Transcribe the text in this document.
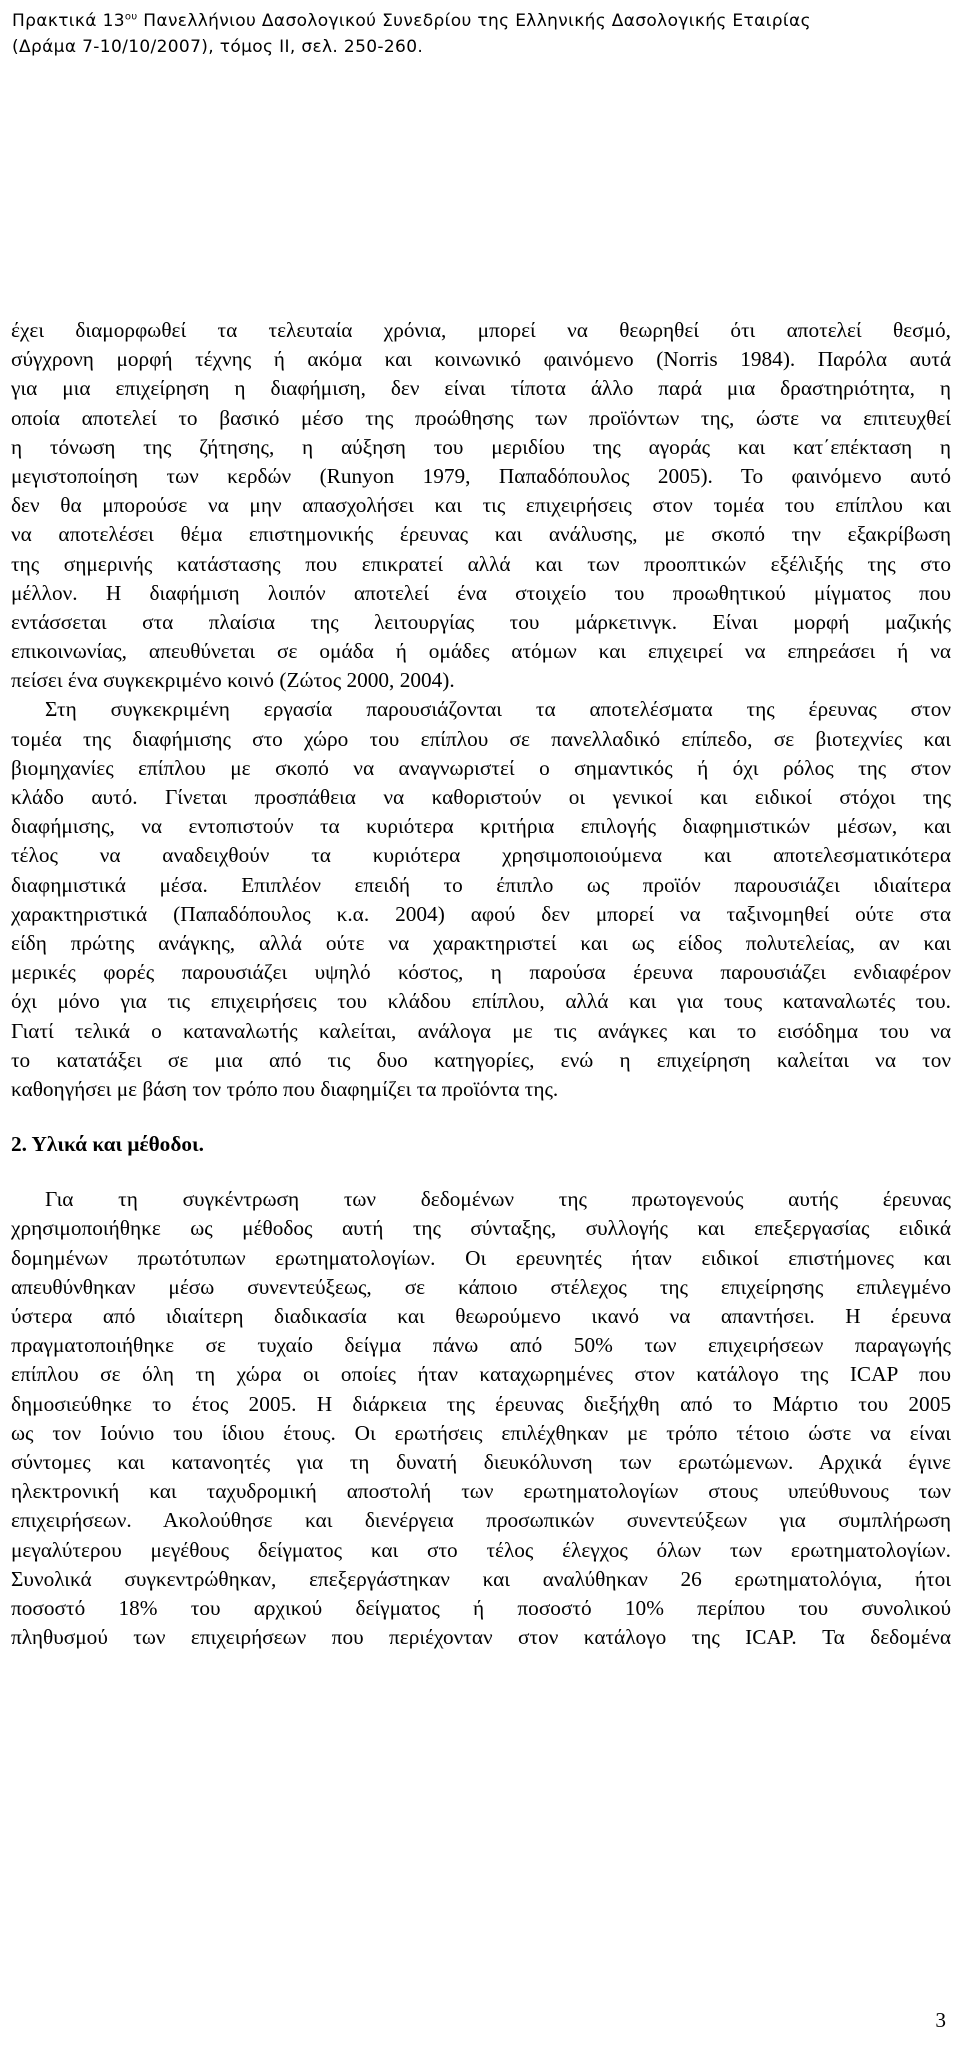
Πρακτικά $13^{o\upsilon}$ Πανελλήνιου Δασολογικού Συνεδρίου της Ελληνικής Δασολογικής Εταιρίας
(Δράμα 7-10/10/2007), τόμος ΙΙ, σελ. 250-260.
έχει διαμορφωθεί τα τελευταία χρόνια, μπορεί να θεωρηθεί ότι αποτελεί θεσμό,
σύγχρονη μορφή τέχνης ή ακόμα και κοινωνικό φαινόμενο (Norris 1984). Παρόλα αυτά
για μια επιχείρηση η διαφήμιση, δεν είναι τίποτα άλλο παρά μια δραστηριότητα, η
οποία αποτελεί το βασικό μέσο της προώθησης των προϊόντων της, ώστε να επιτευχθεί
η τόνωση της ζήτησης, η αύξηση του μεριδίου της αγοράς και κατ΄επέκταση η
μεγιστοποίηση των κερδών (Runyon 1979, Παπαδόπουλος 2005). Το φαινόμενο αυτό
δεν θα μπορούσε να μην απασχολήσει και τις επιχειρήσεις στον τομέα του επίπλου και
να αποτελέσει θέμα επιστημονικής έρευνας και ανάλυσης, με σκοπό την εξακρίβωση
της σημερινής κατάστασης που επικρατεί αλλά και των προοπτικών εξέλιξής της στο
μέλλον. Η διαφήμιση λοιπόν αποτελεί ένα στοιχείο του προωθητικού μίγματος που
εντάσσεται στα πλαίσια της λειτουργίας του μάρκετινγκ. Είναι μορφή μαζικής
επικοινωνίας, απευθύνεται σε ομάδα ή ομάδες ατόμων και επιχειρεί να επηρεάσει ή να
πείσει ένα συγκεκριμένο κοινό (Ζώτος 2000, 2004).
Στη συγκεκριμένη εργασία παρουσιάζονται τα αποτελέσματα της έρευνας στον
τομέα της διαφήμισης στο χώρο του επίπλου σε πανελλαδικό επίπεδο, σε βιοτεχνίες και
βιομηχανίες επίπλου με σκοπό να αναγνωριστεί ο σημαντικός ή όχι ρόλος της στον
κλάδο αυτό. Γίνεται προσπάθεια να καθοριστούν οι γενικοί και ειδικοί στόχοι της
διαφήμισης, να εντοπιστούν τα κυριότερα κριτήρια επιλογής διαφημιστικών μέσων, και
τέλος να αναδειχθούν τα κυριότερα χρησιμοποιούμενα και αποτελεσματικότερα
διαφημιστικά μέσα. Επιπλέον επειδή το έπιπλο ως προϊόν παρουσιάζει ιδιαίτερα
χαρακτηριστικά (Παπαδόπουλος κ.α. 2004) αφού δεν μπορεί να ταξινομηθεί ούτε στα
είδη πρώτης ανάγκης, αλλά ούτε να χαρακτηριστεί και ως είδος πολυτελείας, αν και
μερικές φορές παρουσιάζει υψηλό κόστος, η παρούσα έρευνα παρουσιάζει ενδιαφέρον
όχι μόνο για τις επιχειρήσεις του κλάδου επίπλου, αλλά και για τους καταναλωτές του.
Γιατί τελικά ο καταναλωτής καλείται, ανάλογα με τις ανάγκες και το εισόδημα του να
το κατατάξει σε μια από τις δυο κατηγορίες, ενώ η επιχείρηση καλείται να τον
καθοηγήσει με βάση τον τρόπο που διαφημίζει τα προϊόντα της.
2. Υλικά και μέθοδοι.
Για τη συγκέντρωση των δεδομένων της πρωτογενούς αυτής έρευνας
χρησιμοποιήθηκε ως μέθοδος αυτή της σύνταξης, συλλογής και επεξεργασίας ειδικά
δομημένων πρωτότυπων ερωτηματολογίων. Οι ερευνητές ήταν ειδικοί επιστήμονες και
απευθύνθηκαν μέσω συνεντεύξεως, σε κάποιο στέλεχος της επιχείρησης επιλεγμένο
ύστερα από ιδιαίτερη διαδικασία και θεωρούμενο ικανό να απαντήσει. Η έρευνα
πραγματοποιήθηκε σε τυχαίο δείγμα πάνω από 50% των επιχειρήσεων παραγωγής
επίπλου σε όλη τη χώρα οι οποίες ήταν καταχωρημένες στον κατάλογο της ICAP που
δημοσιεύθηκε το έτος 2005. Η διάρκεια της έρευνας διεξήχθη από το Μάρτιο του 2005
ως τον Ιούνιο του ίδιου έτους. Οι ερωτήσεις επιλέχθηκαν με τρόπο τέτοιο ώστε να είναι
σύντομες και κατανοητές για τη δυνατή διευκόλυνση των ερωτώμενων. Αρχικά έγινε
ηλεκτρονική και ταχυδρομική αποστολή των ερωτηματολογίων στους υπεύθυνους των
επιχειρήσεων. Ακολούθησε και διενέργεια προσωπικών συνεντεύξεων για συμπλήρωση
μεγαλύτερου μεγέθους δείγματος και στο τέλος έλεγχος όλων των ερωτηματολογίων.
Συνολικά συγκεντρώθηκαν, επεξεργάστηκαν και αναλύθηκαν 26 ερωτηματολόγια, ήτοι
ποσοστό 18% του αρχικού δείγματος ή ποσοστό 10% περίπου του συνολικού
πληθυσμού των επιχειρήσεων που περιέχονταν στον κατάλογο της ICAP. Τα δεδομένα
3
